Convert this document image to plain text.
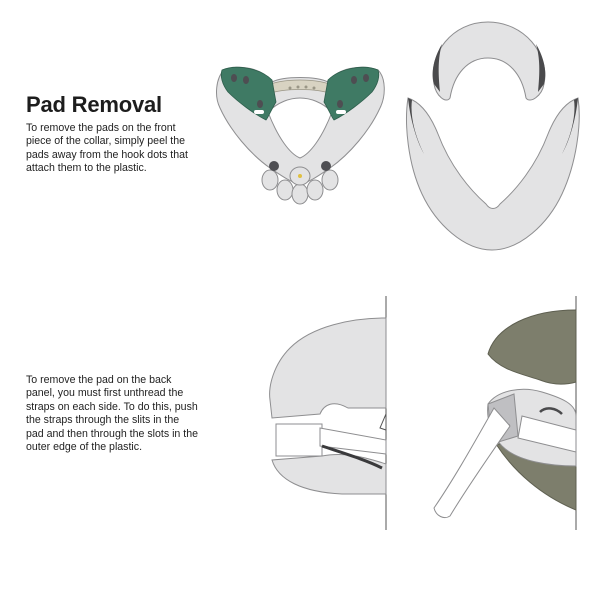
Pad Removal

To remove the pads on the front
piece of the collar, simply peel the
pads away from the hook dots that
attach them to the plastic.

To remove the pad on the back
panel, you must first unthread the
straps on each side. To do this, push
the straps through the slits in the
pad and then through the slots in the
outer edge of the plastic.
